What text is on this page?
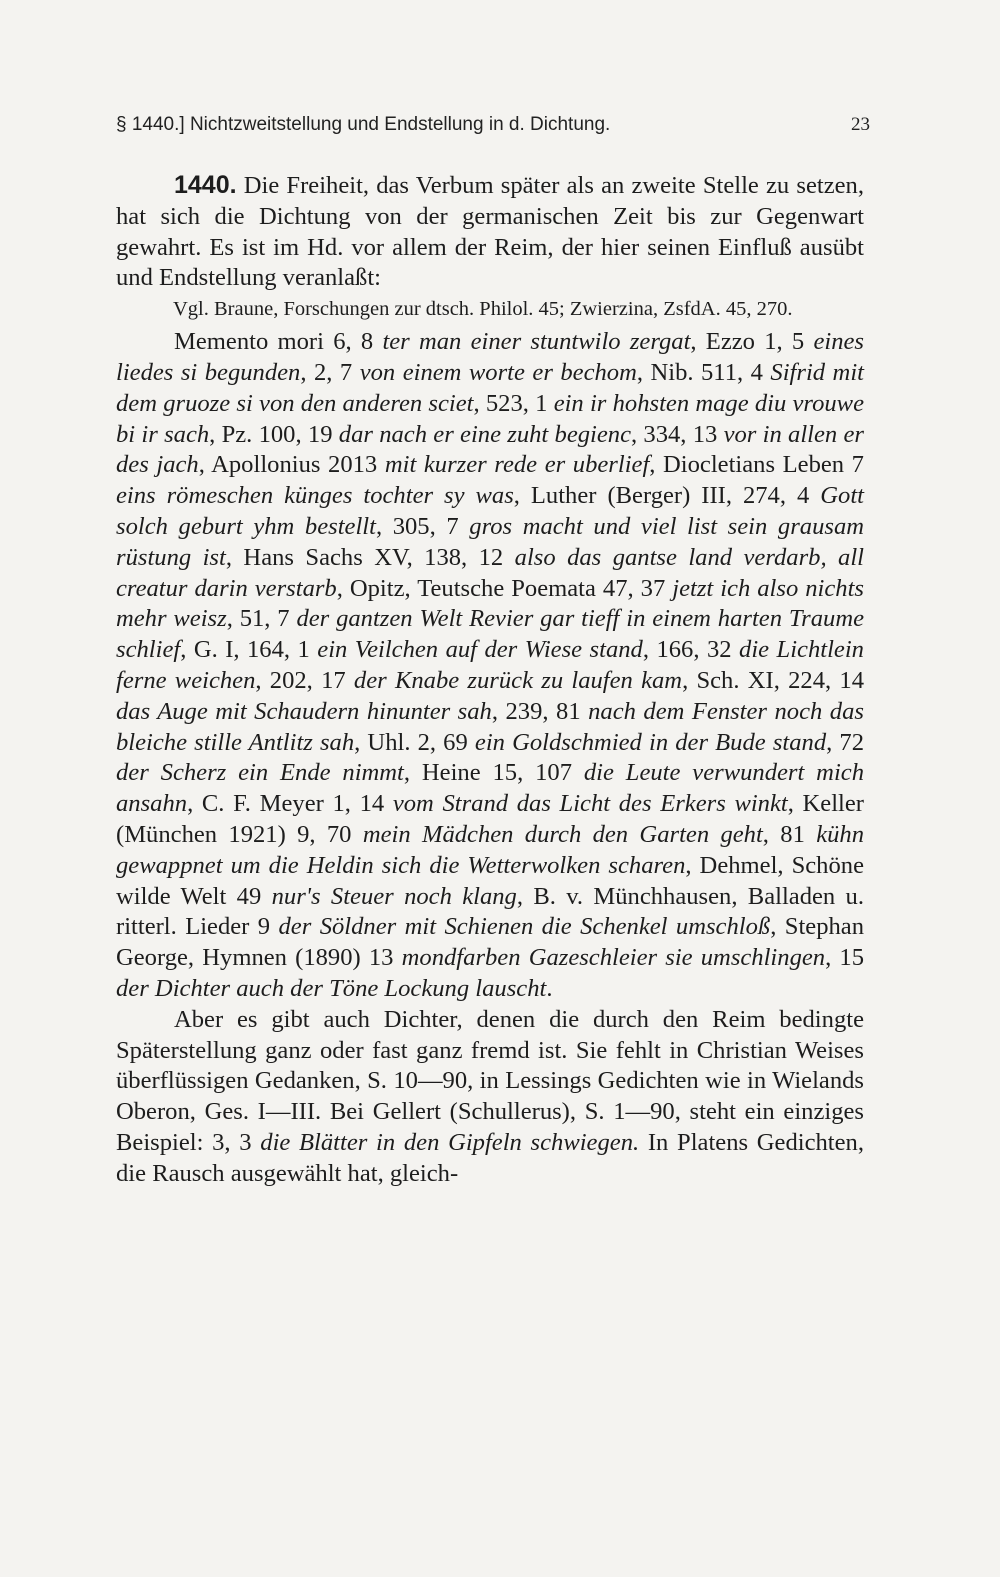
§ 1440.] Nichtzweitstellung und Endstellung in d. Dichtung.	23

1440. Die Freiheit, das Verbum später als an zweite Stelle zu setzen, hat sich die Dichtung von der germanischen Zeit bis zur Gegenwart gewahrt. Es ist im Hd. vor allem der Reim, der hier seinen Einfluß ausübt und Endstellung veranlaßt:

Vgl. Braune, Forschungen zur dtsch. Philol. 45; Zwierzina, ZsfdA. 45, 270.

Memento mori 6, 8 ter man einer stuntwilo zergat, Ezzo 1, 5 eines liedes si begunden, 2, 7 von einem worte er bechom, Nib. 511, 4 Sifrid mit dem gruoze si von den anderen sciet, 523, 1 ein ir hohsten mage diu vrouwe bi ir sach, Pz. 100, 19 dar nach er eine zuht begienc, 334, 13 vor in allen er des jach, Apollonius 2013 mit kurzer rede er uberlief, Diocletians Leben 7 eins römeschen künges tochter sy was, Luther (Berger) III, 274, 4 Gott solch geburt yhm bestellt, 305, 7 gros macht und viel list sein grausam rüstung ist, Hans Sachs XV, 138, 12 also das gantse land verdarb, all creatur darin verstarb, Opitz, Teutsche Poemata 47, 37 jetzt ich also nichts mehr weisz, 51, 7 der gantzen Welt Revier gar tieff in einem harten Traume schlief, G. I, 164, 1 ein Veilchen auf der Wiese stand, 166, 32 die Lichtlein ferne weichen, 202, 17 der Knabe zurück zu laufen kam, Sch. XI, 224, 14 das Auge mit Schaudern hinunter sah, 239, 81 nach dem Fenster noch das bleiche stille Antlitz sah, Uhl. 2, 69 ein Goldschmied in der Bude stand, 72 der Scherz ein Ende nimmt, Heine 15, 107 die Leute verwundert mich ansahn, C. F. Meyer 1, 14 vom Strand das Licht des Erkers winkt, Keller (München 1921) 9, 70 mein Mädchen durch den Garten geht, 81 kühn gewappnet um die Heldin sich die Wetterwolken scharen, Dehmel, Schöne wilde Welt 49 nur's Steuer noch klang, B. v. Münchhausen, Balladen u. ritterl. Lieder 9 der Söldner mit Schienen die Schenkel umschloß, Stephan George, Hymnen (1890) 13 mondfarben Gazeschleier sie umschlingen, 15 der Dichter auch der Töne Lockung lauscht.

Aber es gibt auch Dichter, denen die durch den Reim bedingte Späterstellung ganz oder fast ganz fremd ist. Sie fehlt in Christian Weises überflüssigen Gedanken, S. 10—90, in Lessings Gedichten wie in Wielands Oberon, Ges. I—III. Bei Gellert (Schullerus), S. 1—90, steht ein einziges Beispiel: 3, 3 die Blätter in den Gipfeln schwiegen. In Platens Gedichten, die Rausch ausgewählt hat, gleich-
